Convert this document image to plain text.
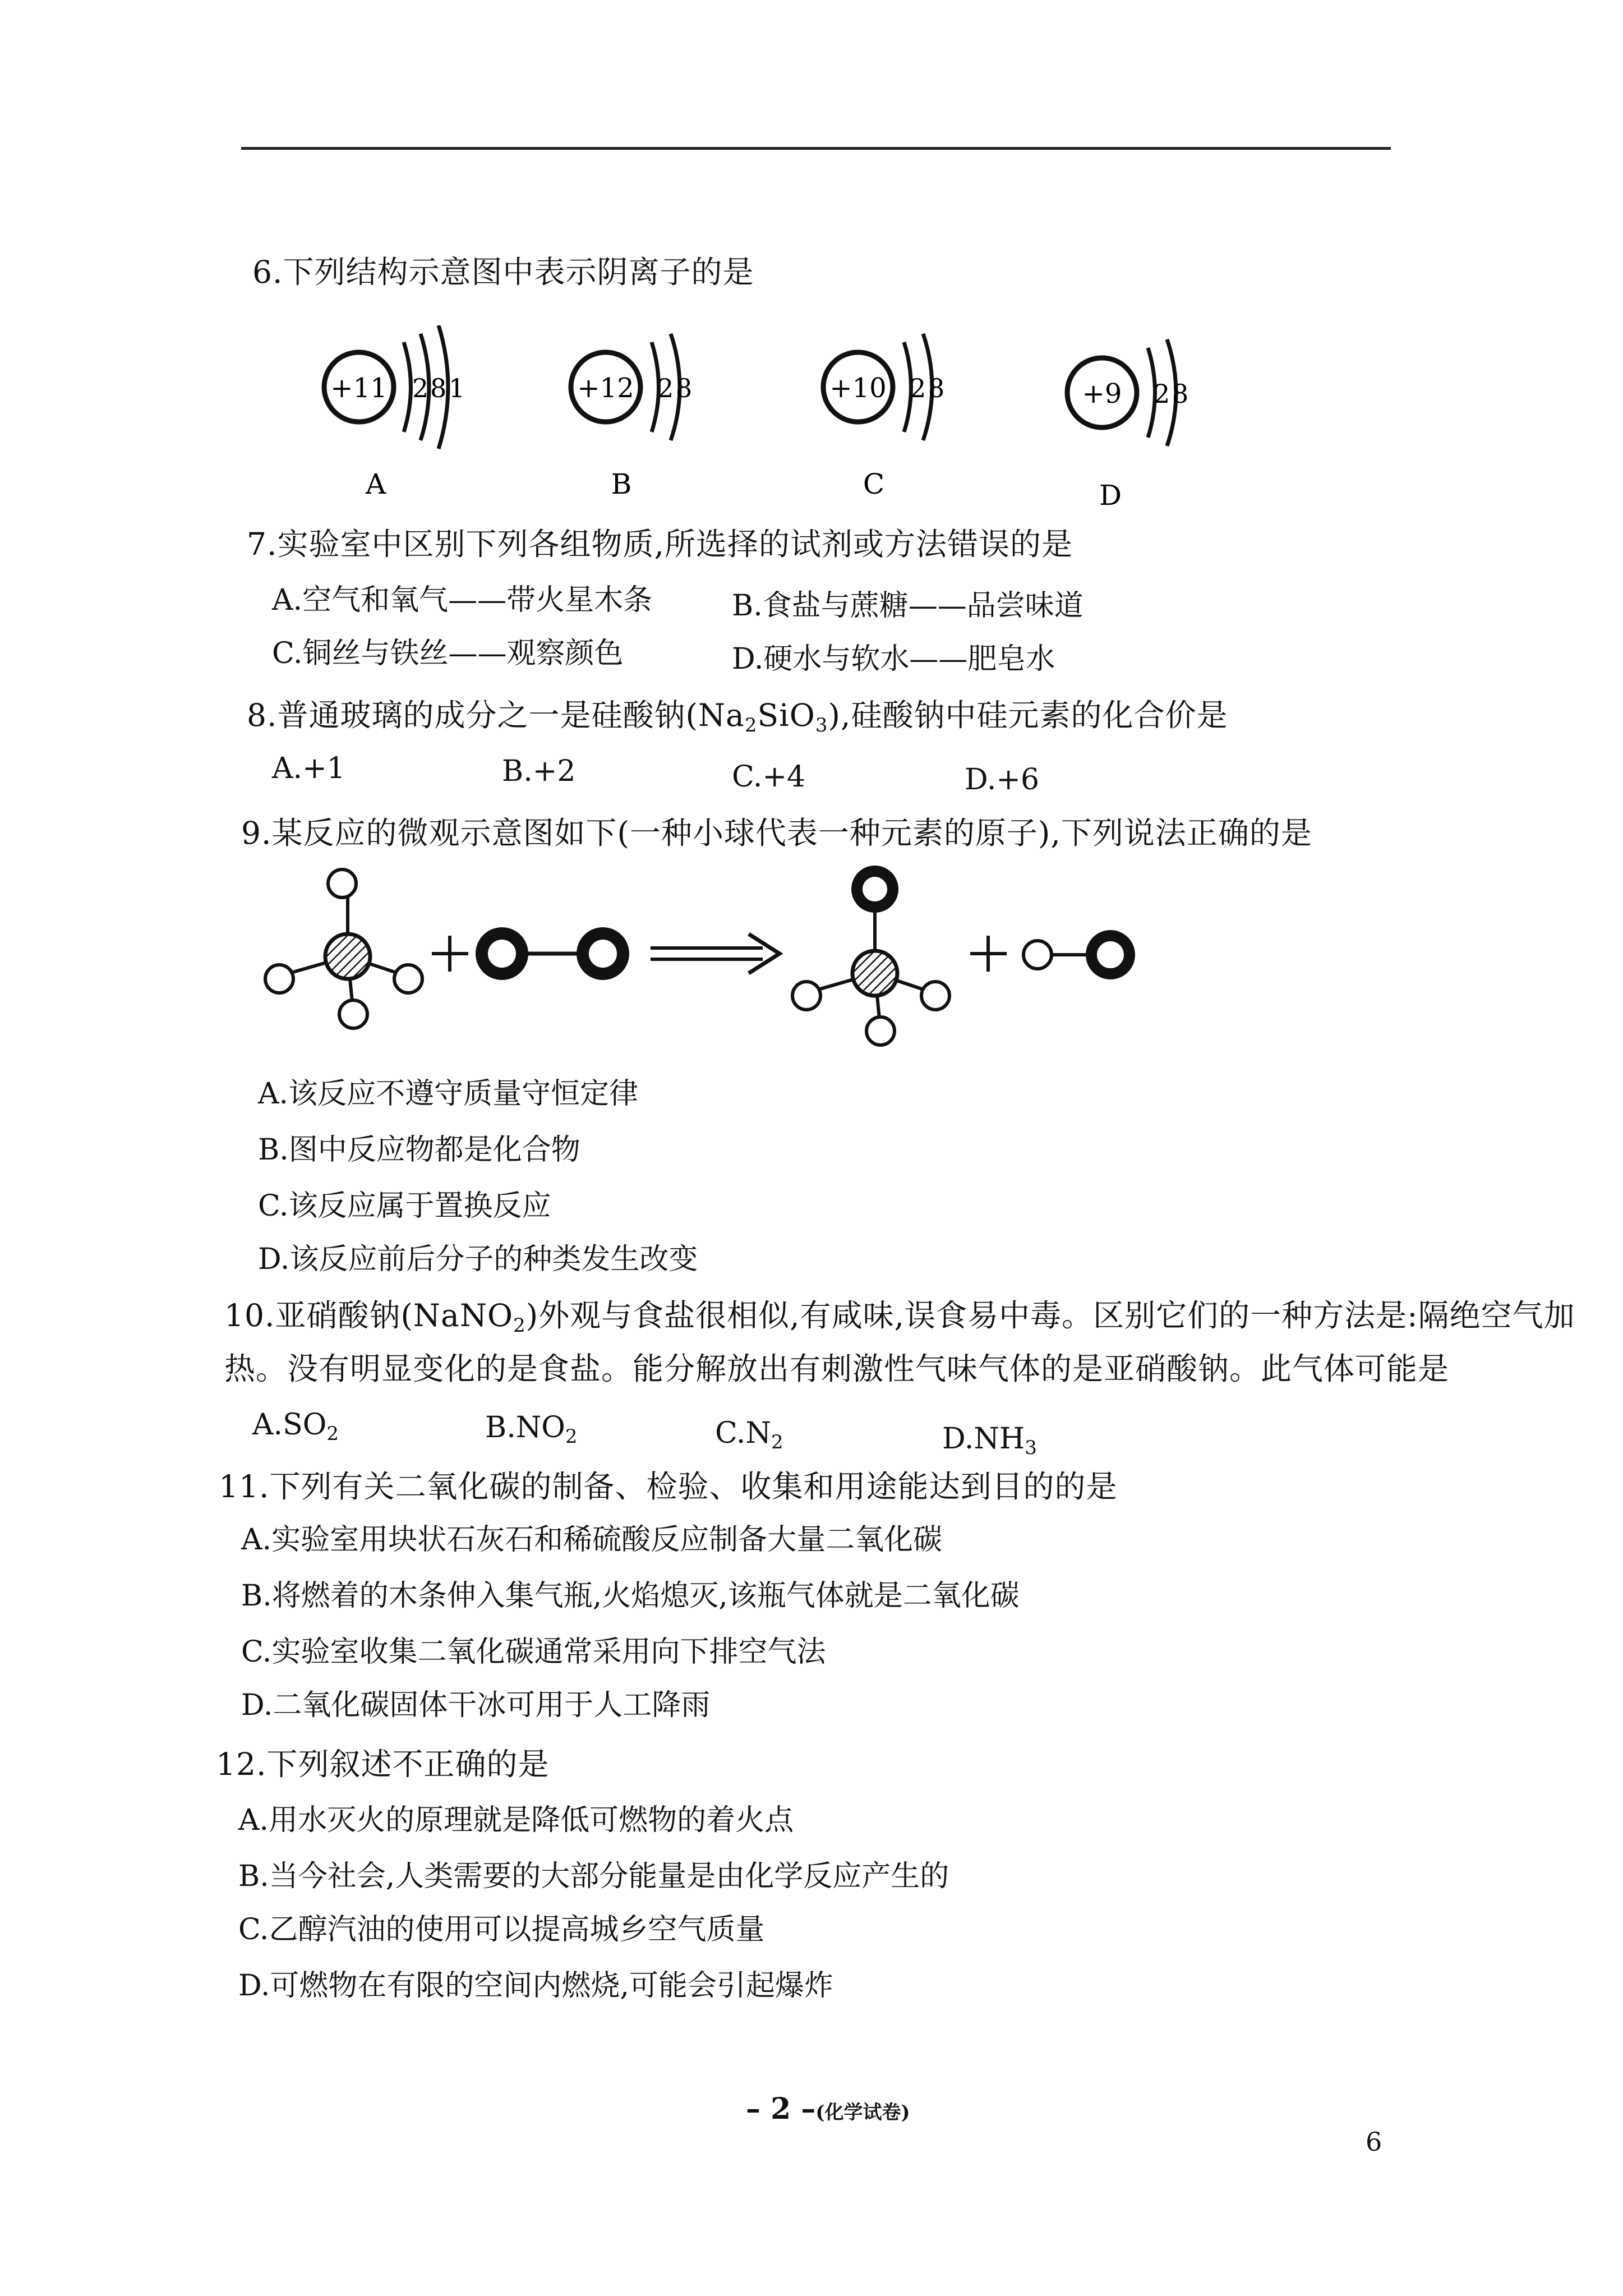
6.下列结构示意图中表示阴离子的是
+11 2 8 1
A
+12 2 8
B
+10 2 8
C
+9 2 8
D
7.实验室中区别下列各组物质,所选择的试剂或方法错误的是
A.空气和氧气——带火星木条	B.食盐与蔗糖——品尝味道
C.铜丝与铁丝——观察颜色	D.硬水与软水——肥皂水
8.普通玻璃的成分之一是硅酸钠$(Na_2SiO_3)$,硅酸钠中硅元素的化合价是
A.+1	B.+2	C.+4	D.+6
9.某反应的微观示意图如下(一种小球代表一种元素的原子),下列说法正确的是
A.该反应不遵守质量守恒定律
B.图中反应物都是化合物
C.该反应属于置换反应
D.该反应前后分子的种类发生改变
10.亚硝酸钠(NaNO$_2$)外观与食盐很相似,有咸味,误食易中毒。区别它们的一种方法是:隔绝空气加
热。没有明显变化的是食盐。能分解放出有刺激性气味气体的是亚硝酸钠。此气体可能是
$A.SO_2$	$B.NO_2$	$C.N_2$	$D.NH_3$
11.下列有关二氧化碳的制备、检验、收集和用途能达到目的的是
A.实验室用块状石灰石和稀硫酸反应制备大量二氧化碳
B.将燃着的木条伸入集气瓶,火焰熄灭,该瓶气体就是二氧化碳
C.实验室收集二氧化碳通常采用向下排空气法
D.二氧化碳固体干冰可用于人工降雨
12.下列叙述不正确的是
A.用水灭火的原理就是降低可燃物的着火点
B.当今社会,人类需要的大部分能量是由化学反应产生的
C.乙醇汽油的使用可以提高城乡空气质量
D.可燃物在有限的空间内燃烧,可能会引起爆炸
– 2 –(化学试卷)
6
